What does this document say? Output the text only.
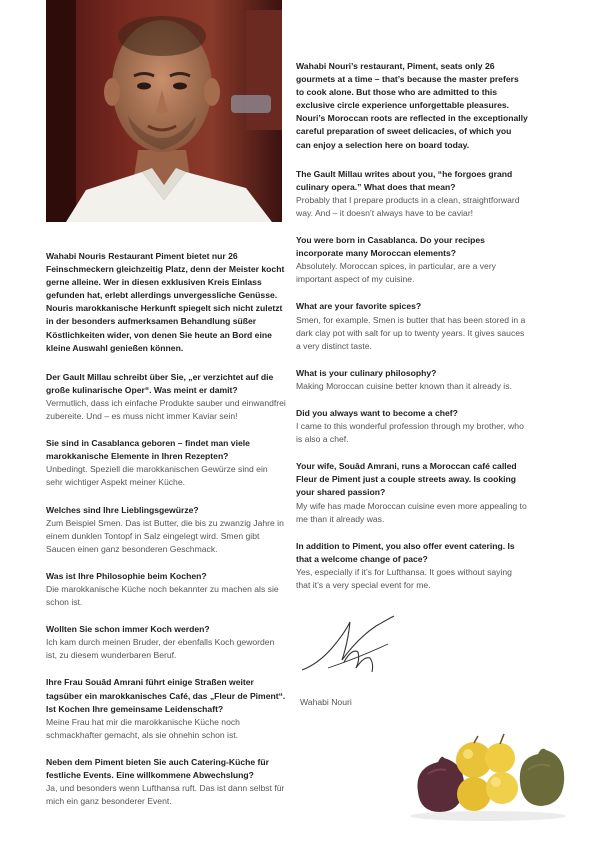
Wahabi Nouris Restaurant Piment bietet nur 26 Feinschmeckern gleichzeitig Platz, denn der Meister kocht gerne alleine. Wer in diesen exklusiven Kreis Einlass gefunden hat, erlebt allerdings unvergessliche Genüsse. Nouris marokkanische Herkunft spiegelt sich nicht zuletzt in der besonders aufmerksamen Behandlung süßer Köstlichkeiten wider, von denen Sie heute an Bord eine kleine Auswahl genießen können.

Der Gault Millau schreibt über Sie, „er verzichtet auf die große kulinarische Oper“. Was meint er damit?

Vermutlich, dass ich einfache Produkte sauber und einwandfrei zubereite. Und – es muss nicht immer Kaviar sein!

Sie sind in Casablanca geboren – findet man viele marokkanische Elemente in Ihren Rezepten?

Unbedingt. Speziell die marokkanischen Gewürze sind ein sehr wichtiger Aspekt meiner Küche.

Welches sind Ihre Lieblingsgewürze?

Zum Beispiel Smen. Das ist Butter, die bis zu zwanzig Jahre in einem dunklen Tontopf in Salz eingelegt wird. Smen gibt Saucen einen ganz besonderen Geschmack.

Was ist Ihre Philosophie beim Kochen?

Die marokkanische Küche noch bekannter zu machen als sie schon ist.

Wollten Sie schon immer Koch werden?

Ich kam durch meinen Bruder, der ebenfalls Koch geworden ist, zu diesem wunderbaren Beruf.

Ihre Frau Souâd Amrani führt einige Straßen weiter tagsüber ein marokkanisches Café, das „Fleur de Piment“. Ist Kochen Ihre gemeinsame Leidenschaft?

Meine Frau hat mir die marokkanische Küche noch schmackhafter gemacht, als sie ohnehin schon ist.

Neben dem Piment bieten Sie auch Catering-Küche für festliche Events. Eine willkommene Abwechslung?

Ja, und besonders wenn Lufthansa ruft. Das ist dann selbst für mich ein ganz besonderer Event.

Wahabi Nouri’s restaurant, Piment, seats only 26 gourmets at a time – that’s because the master prefers to cook alone. But those who are admitted to this exclusive circle experience unforgettable pleasures. Nouri’s Moroccan roots are reflected in the exceptionally careful preparation of sweet delicacies, of which you can enjoy a selection here on board today.

The Gault Millau writes about you, “he forgoes grand culinary opera.” What does that mean?

Probably that I prepare products in a clean, straightforward way. And – it doesn’t always have to be caviar!

You were born in Casablanca. Do your recipes incorporate many Moroccan elements?

Absolutely. Moroccan spices, in particular, are a very important aspect of my cuisine.

What are your favorite spices?

Smen, for example. Smen is butter that has been stored in a dark clay pot with salt for up to twenty years. It gives sauces a very distinct taste.

What is your culinary philosophy?

Making Moroccan cuisine better known than it already is.

Did you always want to become a chef?

I came to this wonderful profession through my brother, who is also a chef.

Your wife, Souâd Amrani, runs a Moroccan café called Fleur de Piment just a couple streets away. Is cooking your shared passion?

My wife has made Moroccan cuisine even more appealing to me than it already was.

In addition to Piment, you also offer event catering. Is that a welcome change of pace?

Yes, especially if it’s for Lufthansa. It goes without saying that it’s a very special event for me.

Wahabi Nouri
